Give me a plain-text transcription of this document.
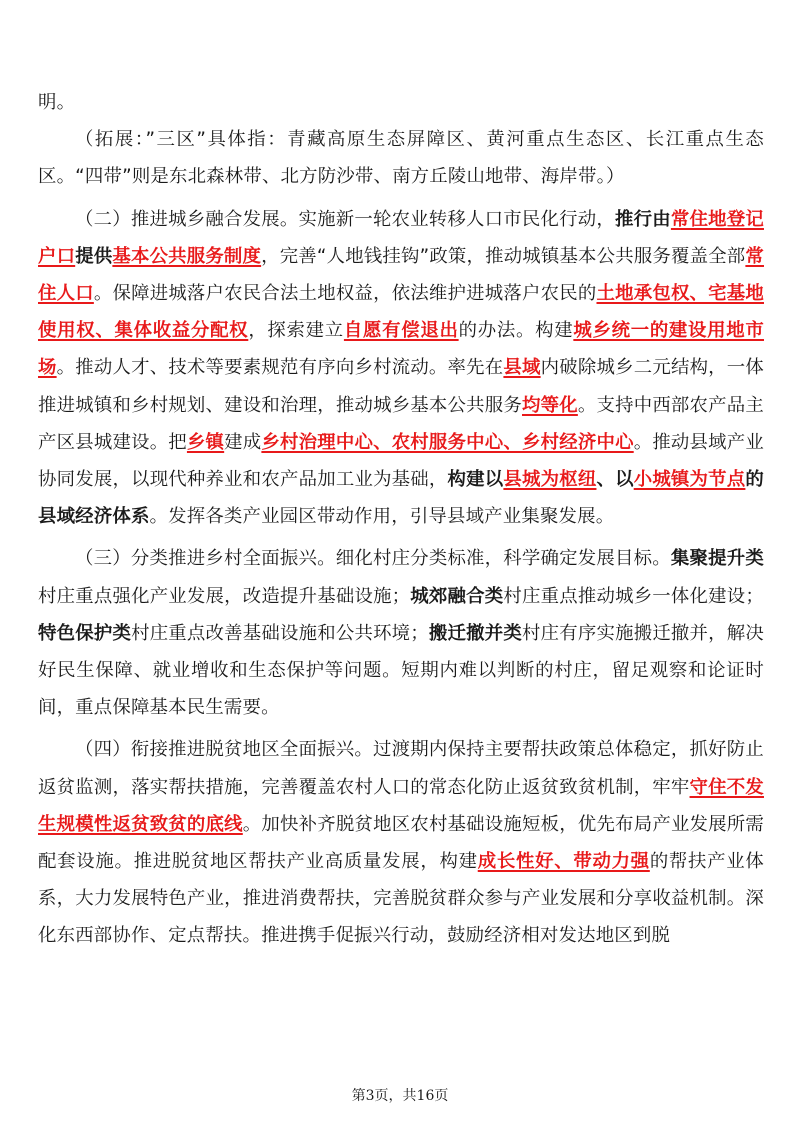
明。

（拓展：”三区”具体指：青藏高原生态屏障区、黄河重点生态区、长江重点生态区。“四带”则是东北森林带、北方防沙带、南方丘陵山地带、海岸带。）

（二）推进城乡融合发展。实施新一轮农业转移人口市民化行动，推行由常住地登记户口提供基本公共服务制度，完善“人地钱挂钩”政策，推动城镇基本公共服务覆盖全部常住人口。保障进城落户农民合法土地权益，依法维护进城落户农民的土地承包权、宅基地使用权、集体收益分配权，探索建立自愿有偿退出的办法。构建城乡统一的建设用地市场。推动人才、技术等要素规范有序向乡村流动。率先在县域内破除城乡二元结构，一体推进城镇和乡村规划、建设和治理，推动城乡基本公共服务均等化。支持中西部农产品主产区县城建设。把乡镇建成乡村治理中心、农村服务中心、乡村经济中心。推动县域产业协同发展，以现代种养业和农产品加工业为基础，构建以县城为枢纽、以小城镇为节点的县域经济体系。发挥各类产业园区带动作用，引导县域产业集聚发展。

（三）分类推进乡村全面振兴。细化村庄分类标准，科学确定发展目标。集聚提升类村庄重点强化产业发展，改造提升基础设施；城郊融合类村庄重点推动城乡一体化建设；特色保护类村庄重点改善基础设施和公共环境；搬迁撤并类村庄有序实施搬迁撤并，解决好民生保障、就业增收和生态保护等问题。短期内难以判断的村庄，留足观察和论证时间，重点保障基本民生需要。

（四）衔接推进脱贫地区全面振兴。过渡期内保持主要帮扶政策总体稳定，抓好防止返贫监测，落实帮扶措施，完善覆盖农村人口的常态化防止返贫致贫机制，牢牢守住不发生规模性返贫致贫的底线。加快补齐脱贫地区农村基础设施短板，优先布局产业发展所需配套设施。推进脱贫地区帮扶产业高质量发展，构建成长性好、带动力强的帮扶产业体系，大力发展特色产业，推进消费帮扶，完善脱贫群众参与产业发展和分享收益机制。深化东西部协作、定点帮扶。推进携手促振兴行动，鼓励经济相对发达地区到脱

第3页，共16页
